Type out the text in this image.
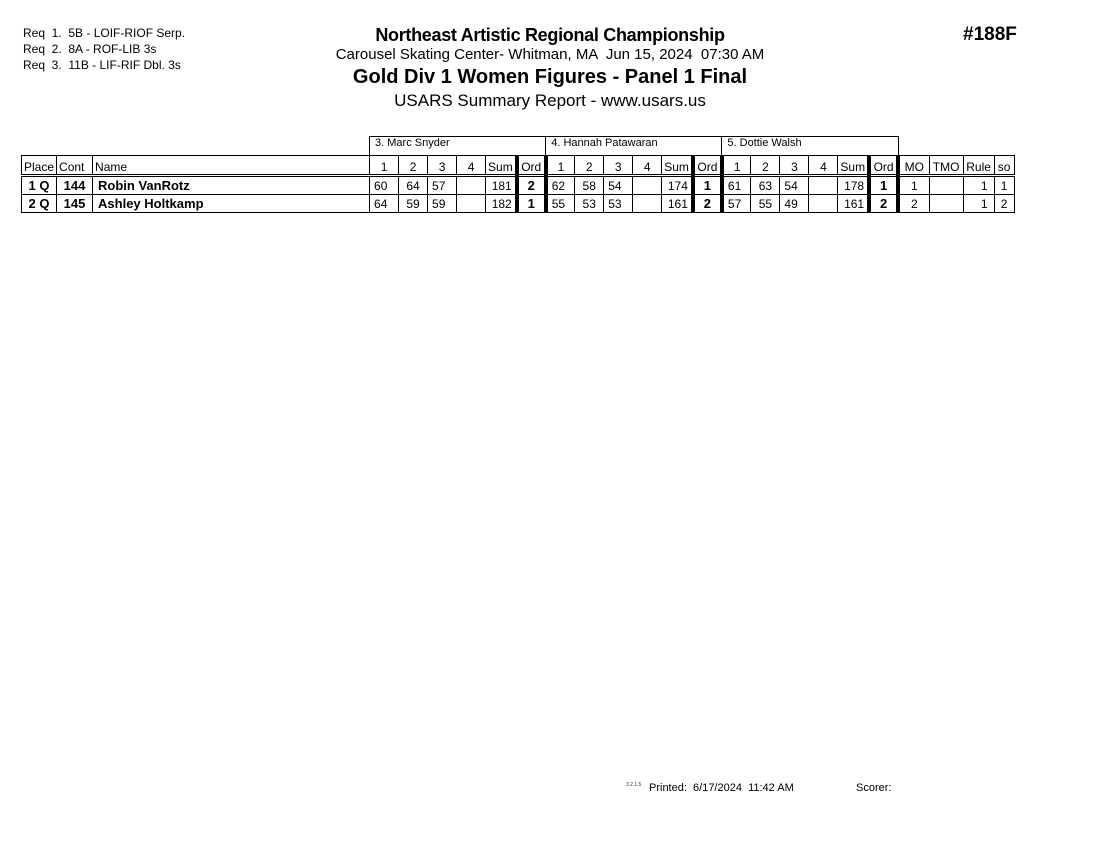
Req  1.  5B - LOIF-RIOF Serp.
Req  2.  8A - ROF-LIB 3s
Req  3.  11B - LIF-RIF Dbl. 3s
Northeast Artistic Regional Championship
Carousel Skating Center- Whitman, MA  Jun 15, 2024  07:30 AM
Gold Div 1 Women Figures - Panel 1 Final
USARS Summary Report - www.usars.us
#188F
			3. Marc Snyder						4. Hannah Patawaran						5. Dottie Walsh									
Place	Cont	Name	1	2	3	4	Sum	Ord	1	2	3	4	Sum	Ord	1	2	3	4	Sum	Ord	MO	TMO	Rule	so
1 Q	144	Robin VanRotz	60	64	57		181	2	62	58	54		174	1	61	63	54		178	1	1		1	1
2 Q	145	Ashley Holtkamp	64	59	59		182	1	55	53	53		161	2	57	55	49		161	2	2		1	2
3.2.1.5 Printed:  6/17/2024  11:42 AM	Scorer:
